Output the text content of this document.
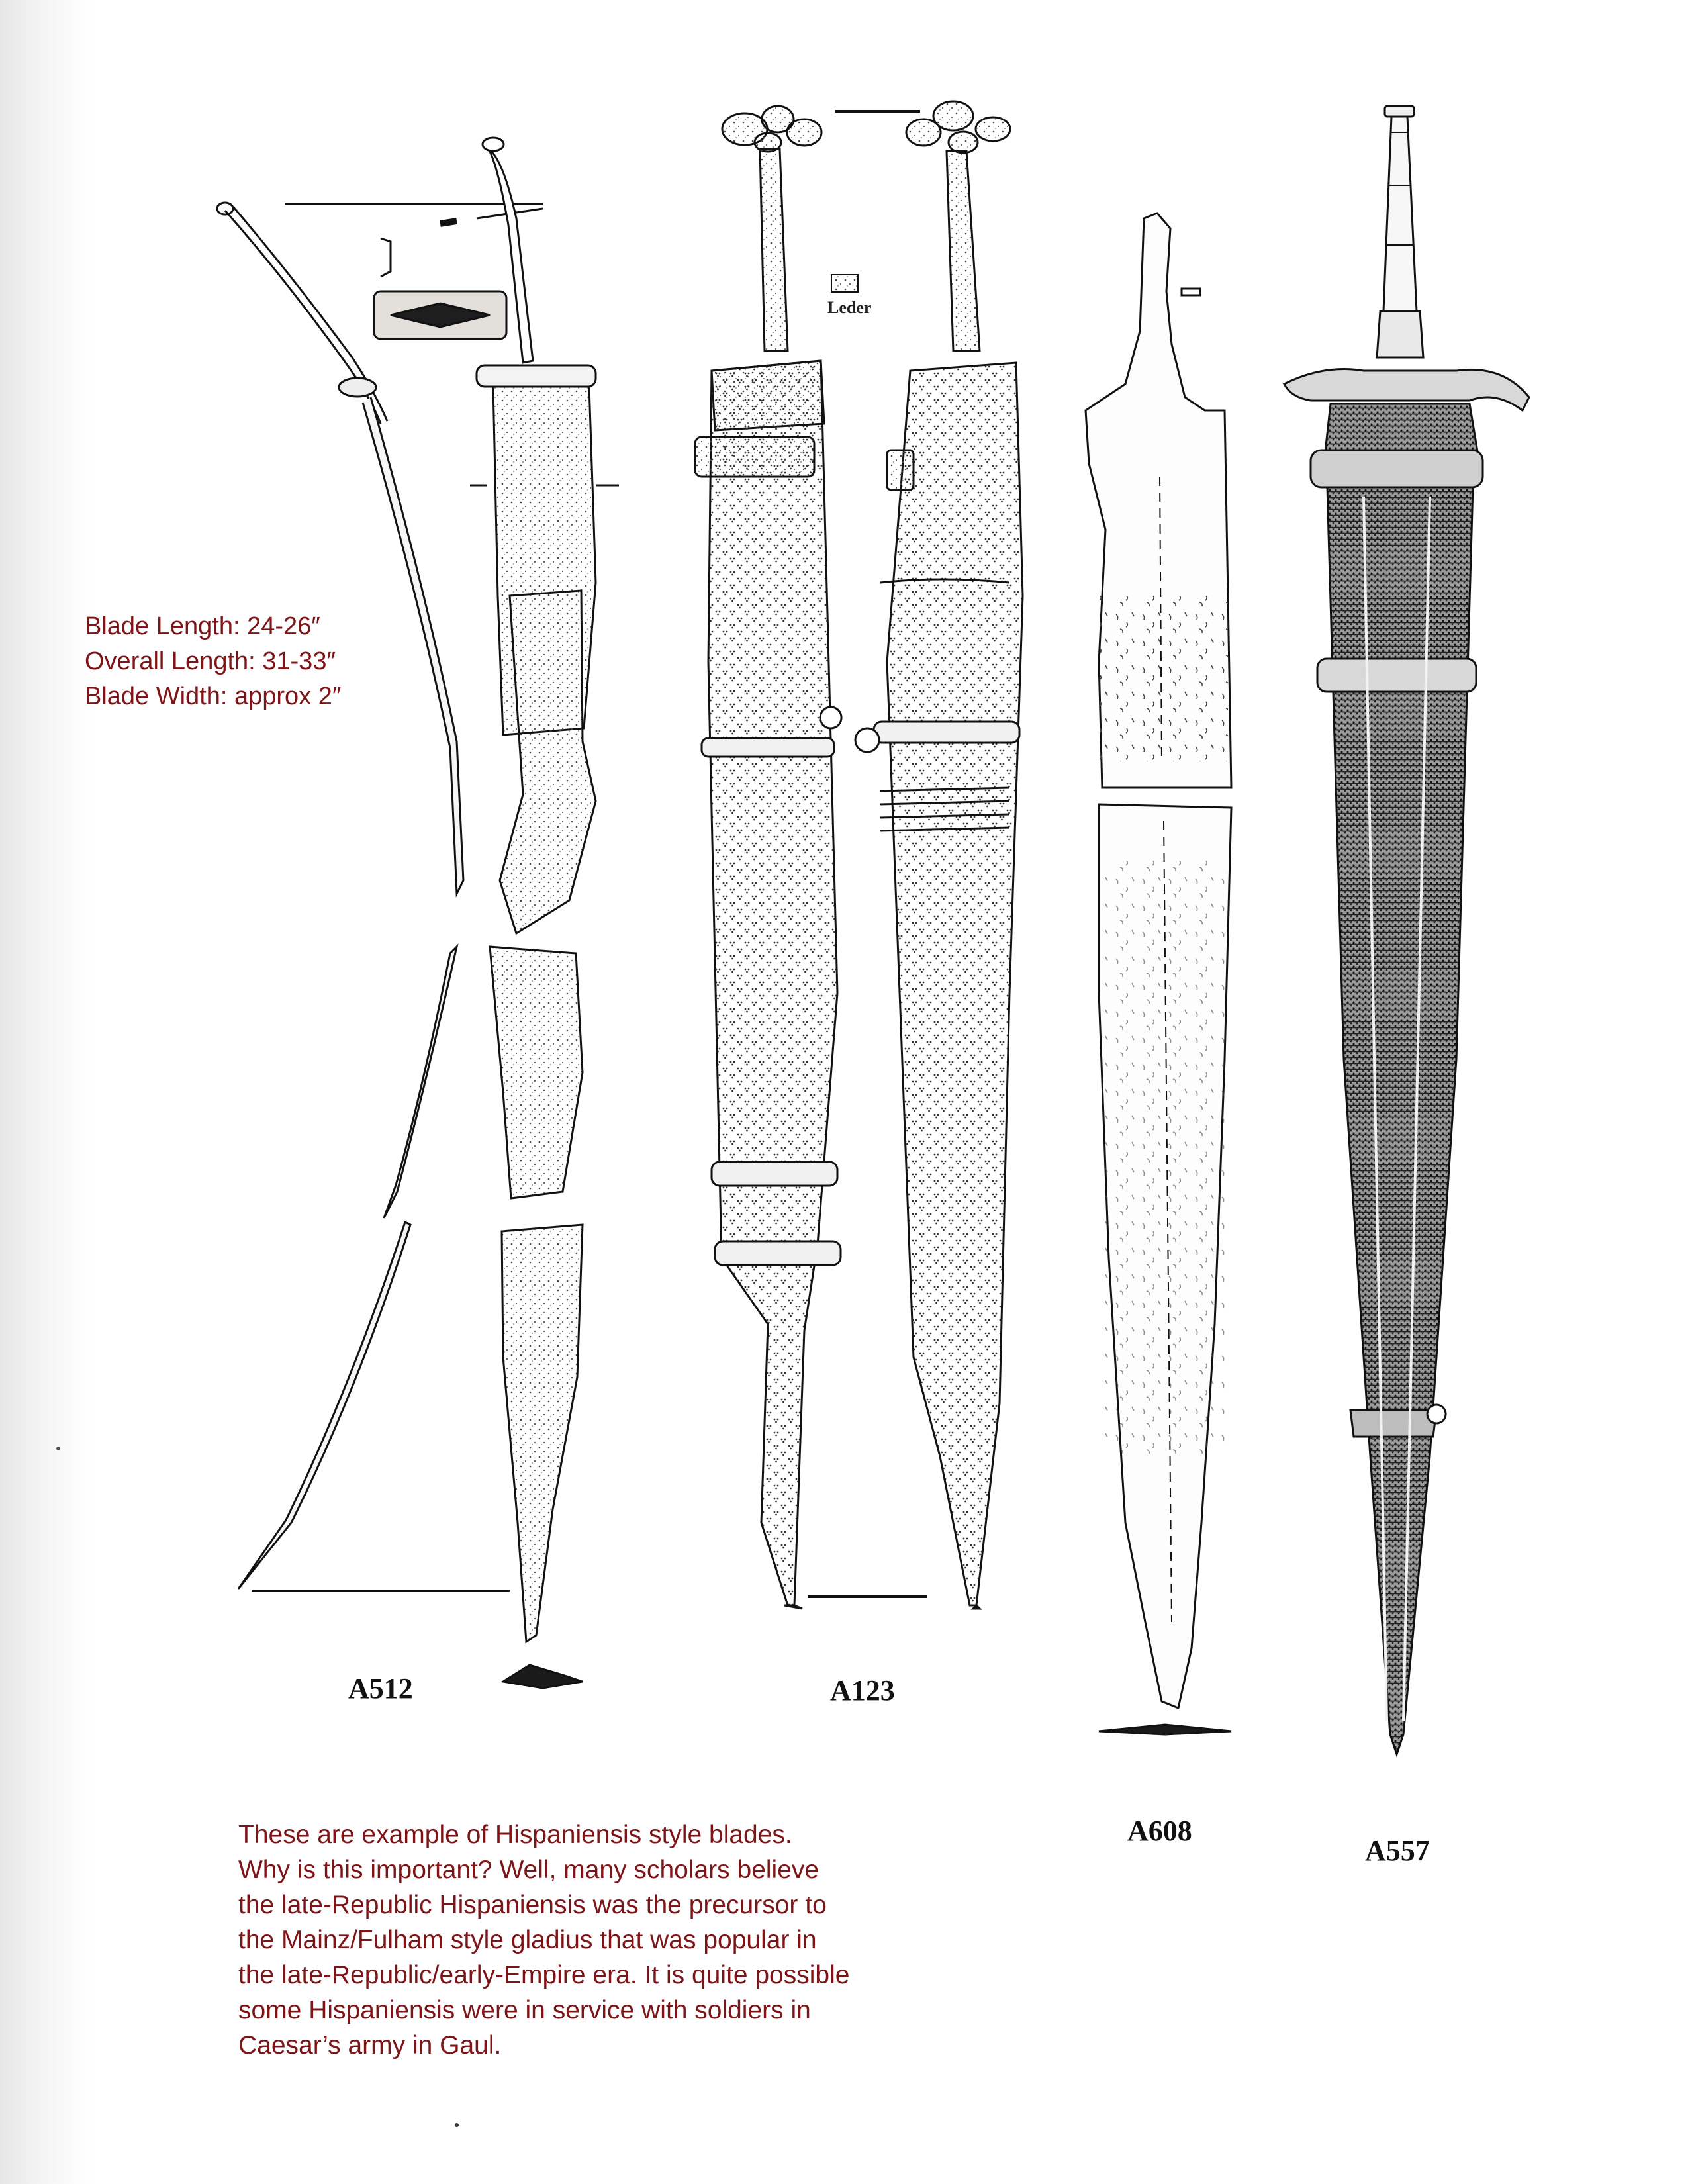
Blade Length: 24-26″
Overall Length: 31-33″
Blade Width: approx 2″
Leder
A512	A123
A608
A557
These are example of Hispaniensis style blades.
Why is this important? Well, many scholars believe
the late-Republic Hispaniensis was the precursor to
the Mainz/Fulham style gladius that was popular in
the late-Republic/early-Empire era. It is quite possible
some Hispaniensis were in service with soldiers in
Caesar’s army in Gaul.
